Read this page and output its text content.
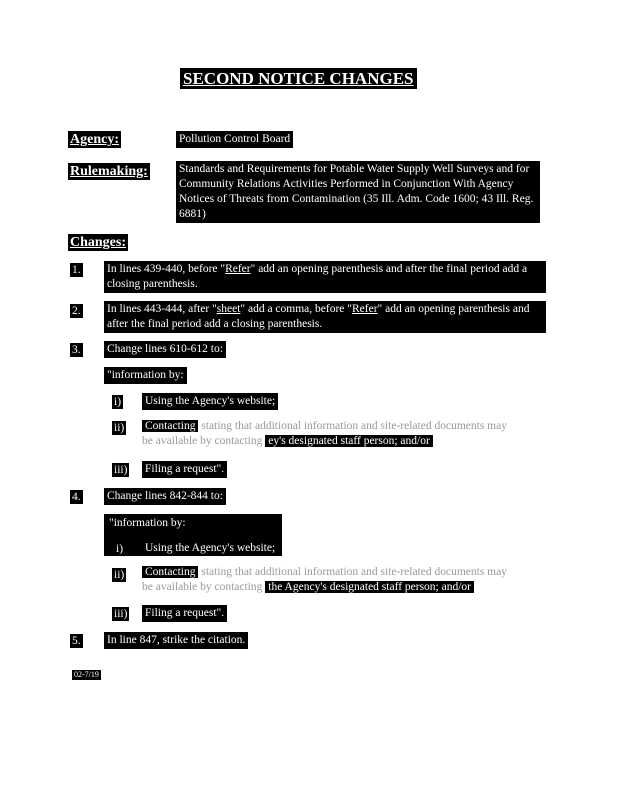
SECOND NOTICE CHANGES
Agency:	Pollution Control Board
Rulemaking:	Standards and Requirements for Potable Water Supply Well Surveys and for Community Relations Activities Performed in Conjunction With Agency Notices of Threats from Contamination (35 Ill. Adm. Code 1600; 43 Ill. Reg. 6881)
Changes:
1. In lines 439-440, before "Refer" add an opening parenthesis and after the final period add a closing parenthesis.
2. In lines 443-444, after "sheet" add a comma, before "Refer" add an opening parenthesis and after the final period add a closing parenthesis.
3. Change lines 610-612 to:
"information by:
i) Using the Agency's website;
ii) Contacting stating that additional information and site-related documents may
be available by contacting ey's designated staff person; and/or
iii) Filing a request".
4. Change lines 842-844 to:
"information by:
i) Using the Agency's website;
ii) Contacting stating that additional information and site-related documents may
be available by contacting the Agency's designated staff person; and/or
iii) Filing a request".
5. In line 847, strike the citation.
02-7/19
